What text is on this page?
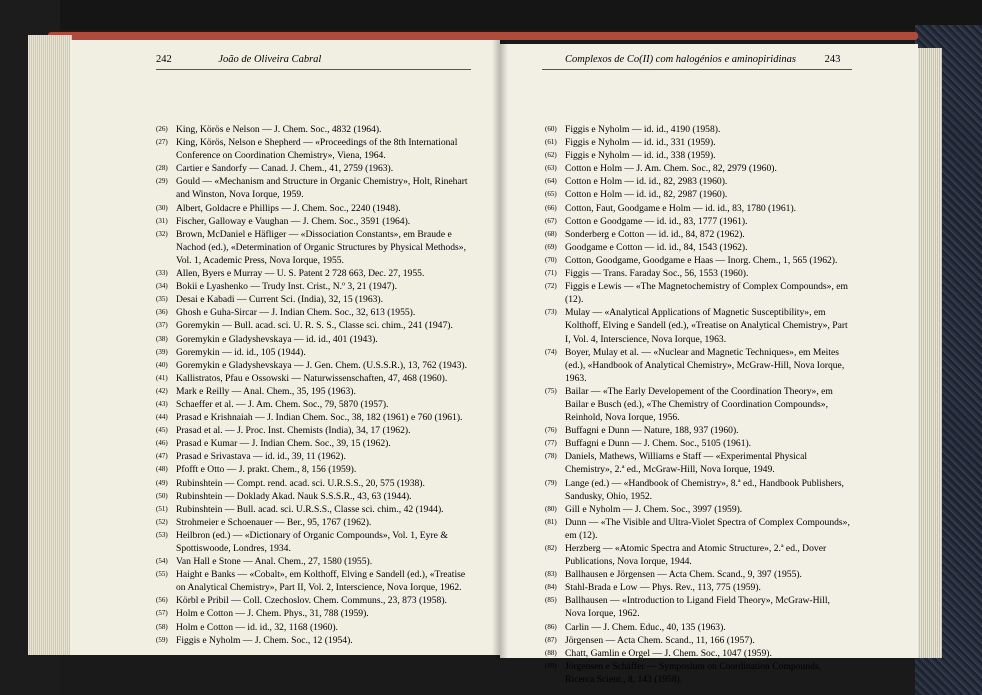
242	João de Oliveira Cabral
(26) King, Körös e Nelson — J. Chem. Soc., 4832 (1964).
(27) King, Körös, Nelson e Shepherd — «Proceedings of the 8th International Conference on Coordination Chemistry», Viena, 1964.
(28) Cartier e Sandorfy — Canad. J. Chem., 41, 2759 (1963).
(29) Gould — «Mechanism and Structure in Organic Chemistry», Holt, Rinehart and Winston, Nova Iorque, 1959.
(30) Albert, Goldacre e Phillips — J. Chem. Soc., 2240 (1948).
(31) Fischer, Galloway e Vaughan — J. Chem. Soc., 3591 (1964).
(32) Brown, McDaniel e Häfliger — «Dissociation Constants», em Braude e Nachod (ed.), «Determination of Organic Structures by Physical Methods», Vol. 1, Academic Press, Nova Iorque, 1955.
(33) Allen, Byers e Murray — U. S. Patent 2 728 663, Dec. 27, 1955.
(34) Bokii e Lyashenko — Trudy Inst. Crist., N.º 3, 21 (1947).
(35) Desai e Kabadi — Current Sci. (India), 32, 15 (1963).
(36) Ghosh e Guha-Sircar — J. Indian Chem. Soc., 32, 613 (1955).
(37) Goremykin — Bull. acad. sci. U. R. S. S., Classe sci. chim., 241 (1947).
(38) Goremykin e Gladyshevskaya — id. id., 401 (1943).
(39) Goremykin — id. id., 105 (1944).
(40) Goremykin e Gladyshevskaya — J. Gen. Chem. (U.S.S.R.), 13, 762 (1943).
(41) Kallistratos, Pfau e Ossowski — Naturwissenschaften, 47, 468 (1960).
(42) Mark e Reilly — Anal. Chem., 35, 195 (1963).
(43) Schaeffer et al. — J. Am. Chem. Soc., 79, 5870 (1957).
(44) Prasad e Krishnaiah — J. Indian Chem. Soc., 38, 182 (1961) e 760 (1961).
(45) Prasad et al. — J. Proc. Inst. Chemists (India), 34, 17 (1962).
(46) Prasad e Kumar — J. Indian Chem. Soc., 39, 15 (1962).
(47) Prasad e Srivastava — id. id., 39, 11 (1962).
(48) Pfofft e Otto — J. prakt. Chem., 8, 156 (1959).
(49) Rubinshtein — Compt. rend. acad. sci. U.R.S.S., 20, 575 (1938).
(50) Rubinshtein — Doklady Akad. Nauk S.S.S.R., 43, 63 (1944).
(51) Rubinshtein — Bull. acad. sci. U.R.S.S., Classe sci. chim., 42 (1944).
(52) Strohmeier e Schoenauer — Ber., 95, 1767 (1962).
(53) Heilbron (ed.) — «Dictionary of Organic Compounds», Vol. 1, Eyre & Spottiswoode, Londres, 1934.
(54) Van Hall e Stone — Anal. Chem., 27, 1580 (1955).
(55) Haight e Banks — «Cobalt», em Kolthoff, Elving e Sandell (ed.), «Treatise on Analytical Chemistry», Part II, Vol. 2, Interscience, Nova Iorque, 1962.
(56) Körbl e Pribil — Coll. Czechoslov. Chem. Communs., 23, 873 (1958).
(57) Holm e Cotton — J. Chem. Phys., 31, 788 (1959).
(58) Holm e Cotton — id. id., 32, 1168 (1960).
(59) Figgis e Nyholm — J. Chem. Soc., 12 (1954).
Complexos de Co(II) com halogénios e aminopiridinas	243
(60) Figgis e Nyholm — id. id., 4190 (1958).
(61) Figgis e Nyholm — id. id., 331 (1959).
(62) Figgis e Nyholm — id. id., 338 (1959).
(63) Cotton e Holm — J. Am. Chem. Soc., 82, 2979 (1960).
(64) Cotton e Holm — id. id., 82, 2983 (1960).
(65) Cotton e Holm — id. id., 82, 2987 (1960).
(66) Cotton, Faut, Goodgame e Holm — id. id., 83, 1780 (1961).
(67) Cotton e Goodgame — id. id., 83, 1777 (1961).
(68) Sonderberg e Cotton — id. id., 84, 872 (1962).
(69) Goodgame e Cotton — id. id., 84, 1543 (1962).
(70) Cotton, Goodgame, Goodgame e Haas — Inorg. Chem., 1, 565 (1962).
(71) Figgis — Trans. Faraday Soc., 56, 1553 (1960).
(72) Figgis e Lewis — «The Magnetochemistry of Complex Compounds», em (12).
(73) Mulay — «Analytical Applications of Magnetic Susceptibility», em Kolthoff, Elving e Sandell (ed.), «Treatise on Analytical Chemistry», Part I, Vol. 4, Interscience, Nova Iorque, 1963.
(74) Boyer, Mulay et al. — «Nuclear and Magnetic Techniques», em Meites (ed.), «Handbook of Analytical Chemistry», McGraw-Hill, Nova Iorque, 1963.
(75) Bailar — «The Early Developement of the Coordination Theory», em Bailar e Busch (ed.), «The Chemistry of Coordination Compounds», Reinhold, Nova Iorque, 1956.
(76) Buffagni e Dunn — Nature, 188, 937 (1960).
(77) Buffagni e Dunn — J. Chem. Soc., 5105 (1961).
(78) Daniels, Mathews, Williams e Staff — «Experimental Physical Chemistry», 2.ª ed., McGraw-Hill, Nova Iorque, 1949.
(79) Lange (ed.) — «Handbook of Chemistry», 8.ª ed., Handbook Publishers, Sandusky, Ohio, 1952.
(80) Gill e Nyholm — J. Chem. Soc., 3997 (1959).
(81) Dunn — «The Visible and Ultra-Violet Spectra of Complex Compounds», em (12).
(82) Herzberg — «Atomic Spectra and Atomic Structure», 2.ª ed., Dover Publications, Nova Iorque, 1944.
(83) Ballhausen e Jörgensen — Acta Chem. Scand., 9, 397 (1955).
(84) Stahl-Brada e Low — Phys. Rev., 113, 775 (1959).
(85) Ballhausen — «Introduction to Ligand Field Theory», McGraw-Hill, Nova Iorque, 1962.
(86) Carlin — J. Chem. Educ., 40, 135 (1963).
(87) Jörgensen — Acta Chem. Scand., 11, 166 (1957).
(88) Chatt, Gamlin e Orgel — J. Chem. Soc., 1047 (1959).
(89) Jörgensen e Schäffer — Symposium on Coordination Compounds, Ricerca Scient., 8, 143 (1958).
